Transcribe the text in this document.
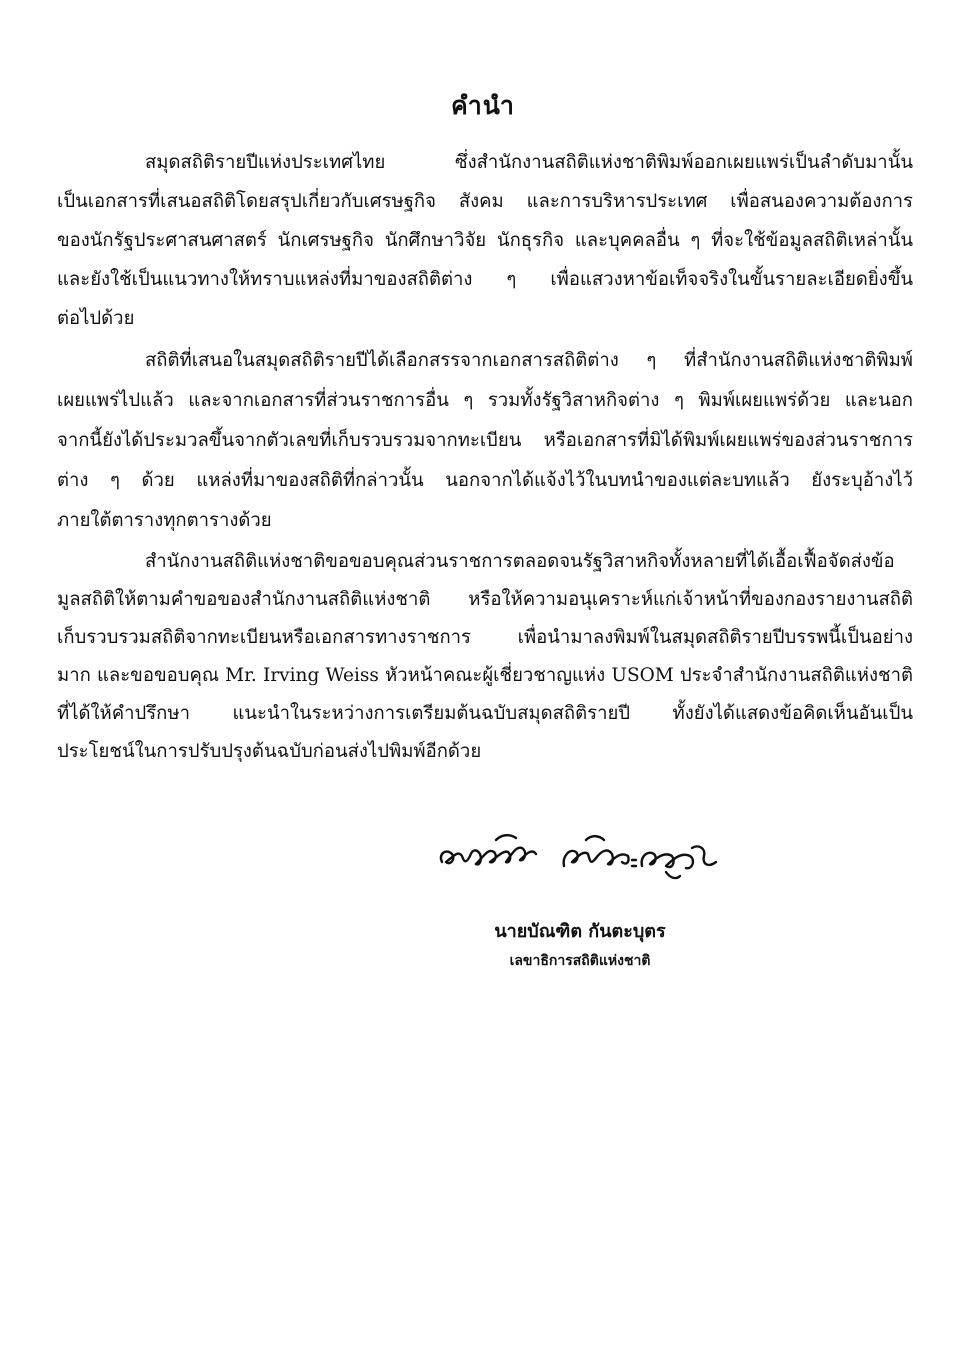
คำนำ
สมุดสถิติรายปีแห่งประเทศไทย ซึ่งสำนักงานสถิติแห่งชาติพิมพ์ออกเผยแพร่เป็นลำดับมานั้น
เป็นเอกสารที่เสนอสถิติโดยสรุปเกี่ยวกับเศรษฐกิจ สังคม และการบริหารประเทศ เพื่อสนองความต้องการ
ของนักรัฐประศาสนศาสตร์ นักเศรษฐกิจ นักศึกษาวิจัย นักธุรกิจ และบุคคลอื่น ๆ ที่จะใช้ข้อมูลสถิติเหล่านั้น
และยังใช้เป็นแนวทางให้ทราบแหล่งที่มาของสถิติต่าง ๆ เพื่อแสวงหาข้อเท็จจริงในขั้นรายละเอียดยิ่งขึ้น
ต่อไปด้วย
สถิติที่เสนอในสมุดสถิติรายปีได้เลือกสรรจากเอกสารสถิติต่าง ๆ ที่สำนักงานสถิติแห่งชาติพิมพ์
เผยแพร่ไปแล้ว และจากเอกสารที่ส่วนราชการอื่น ๆ รวมทั้งรัฐวิสาหกิจต่าง ๆ พิมพ์เผยแพร่ด้วย และนอก
จากนี้ยังได้ประมวลขึ้นจากตัวเลขที่เก็บรวบรวมจากทะเบียน หรือเอกสารที่มิได้พิมพ์เผยแพร่ของส่วนราชการ
ต่าง ๆ ด้วย แหล่งที่มาของสถิติที่กล่าวนั้น นอกจากได้แจ้งไว้ในบทนำของแต่ละบทแล้ว ยังระบุอ้างไว้
ภายใต้ตารางทุกตารางด้วย
สำนักงานสถิติแห่งชาติขอขอบคุณส่วนราชการตลอดจนรัฐวิสาหกิจทั้งหลายที่ได้เอื้อเฟื้อจัดส่งข้อ
มูลสถิติให้ตามคำขอของสำนักงานสถิติแห่งชาติ หรือให้ความอนุเคราะห์แก่เจ้าหน้าที่ของกองรายงานสถิติ
เก็บรวบรวมสถิติจากทะเบียนหรือเอกสารทางราชการ เพื่อนำมาลงพิมพ์ในสมุดสถิติรายปีบรรพนี้เป็นอย่าง
มาก และขอขอบคุณ Mr. Irving Weiss หัวหน้าคณะผู้เชี่ยวชาญแห่ง USOM ประจำสำนักงานสถิติแห่งชาติ
ที่ได้ให้คำปรึกษา แนะนำในระหว่างการเตรียมต้นฉบับสมุดสถิติรายปี ทั้งยังได้แสดงข้อคิดเห็นอันเป็น
ประโยชน์ในการปรับปรุงต้นฉบับก่อนส่งไปพิมพ์อีกด้วย
นายบัณฑิต กันตะบุตร
เลขาธิการสถิติแห่งชาติ
